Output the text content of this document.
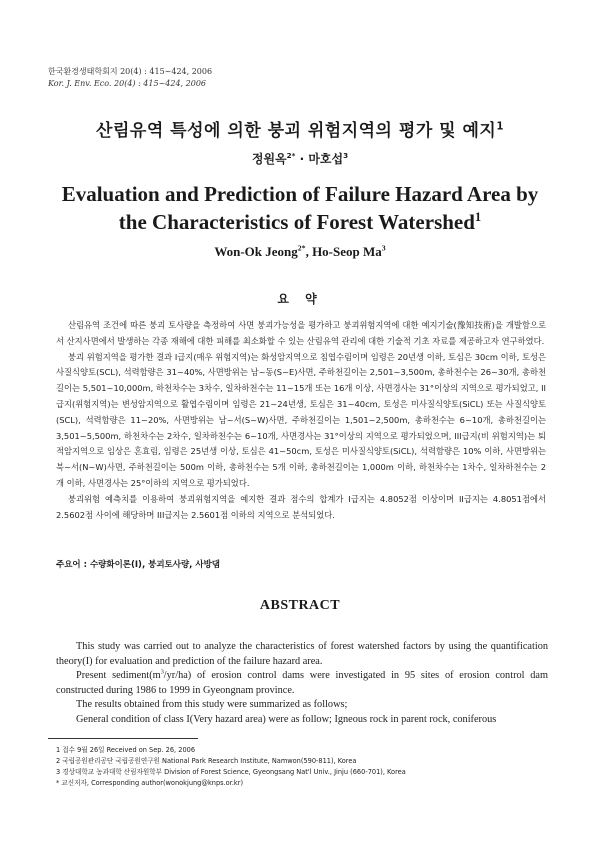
한국환경생태학회지 20(4) : 415~424, 2006
Kor. J. Env. Eco. 20(4) : 415~424, 2006
산림유역 특성에 의한 붕괴 위험지역의 평가 및 예지$^1$
정원옥$^{2*}$ · 마호섭$^3$
Evaluation and Prediction of Failure Hazard Area by
the Characteristics of Forest Watershed$^1$
Won-Ok Jeong$^{2*}$, Ho-Seop Ma$^3$
요 약

산림유역 조건에 따른 붕괴 토사량을 측정하여 사면 붕괴가능성을 평가하고 붕괴위험지역에 대한 예지기술(豫知技術)을 개발함으로서 산지사면에서 발생하는 각종 재해에 대한 피해를 최소화할 수 있는 산림유역 관리에 대한 기술적 기초 자료를 제공하고자 연구하였다.

붕괴 위험지역을 평가한 결과 I급지(매우 위험지역)는 화성암지역으로 침엽수림이며 임령은 20년생 이하, 토심은 30cm 이하, 토성은 사질식양토(SCL), 석력함량은 31~40%, 사면방위는 남~동(S~E)사면, 주하천길이는 2,501~3,500m, 총하천수는 26~30개, 총하천길이는 5,501~10,000m, 하천차수는 3차수, 일차하천수는 11~15개 또는 16개 이상, 사면경사는 31°이상의 지역으로 평가되었고, II급지(위험지역)는 변성암지역으로 활엽수림이며 임령은 21~24년생, 토심은 31~40cm, 토성은 미사질식양토(SiCL) 또는 사질식양토(SCL), 석력함량은 11~20%, 사면방위는 남~서(S~W)사면, 주하천길이는 1,501~2,500m, 총하천수는 6~10개, 총하천길이는 3,501~5,500m, 하천차수는 2차수, 일차하천수는 6~10개, 사면경사는 31°이상의 지역으로 평가되었으며, III급지(비 위험지역)는 퇴적암지역으로 임상은 혼효림, 임령은 25년생 이상, 토심은 41~50cm, 토성은 미사질식양토(SiCL), 석력함량은 10% 이하, 사면방위는 북~서(N~W)사면, 주하천길이는 500m 이하, 총하천수는 5개 이하, 총하천길이는 1,000m 이하, 하천차수는 1차수, 일차하천수는 2개 이하, 사면경사는 25°이하의 지역으로 평가되었다.

붕괴위험 예측치를 이용하여 붕괴위험지역을 예지한 결과 점수의 합계가 I급지는 4.8052점 이상이며 II급지는 4.8051점에서 2.5602점 사이에 해당하며 III급지는 2.5601점 이하의 지역으로 분석되었다.

주요어 : 수량화이론(I), 붕괴토사량, 사방댐
ABSTRACT

This study was carried out to analyze the characteristics of forest watershed factors by using the quantification theory(I) for evaluation and prediction of the failure hazard area.

Present $sediment(m^3/yr/ha)$ of erosion control dams were investigated in 95 sites of erosion control dam constructed during 1986 to 1999 in Gyeongnam province.

The results obtained from this study were summarized as follows;

General condition of class I(Very hazard area) were as follow; Igneous rock in parent rock, coniferous

1 접수 9월 26일 Received on Sep. 26, 2006
2 국립공원관리공단 국립공원연구원 National Park Research Institute, Namwon(590-811), Korea
3 경상대학교 농과대학 산림자원학부 Division of Forest Science, Gyeongsang Nat'l Univ., Jinju (660-701), Korea
* 교신저자, Corresponding author(wonokjung@knps.or.kr)
